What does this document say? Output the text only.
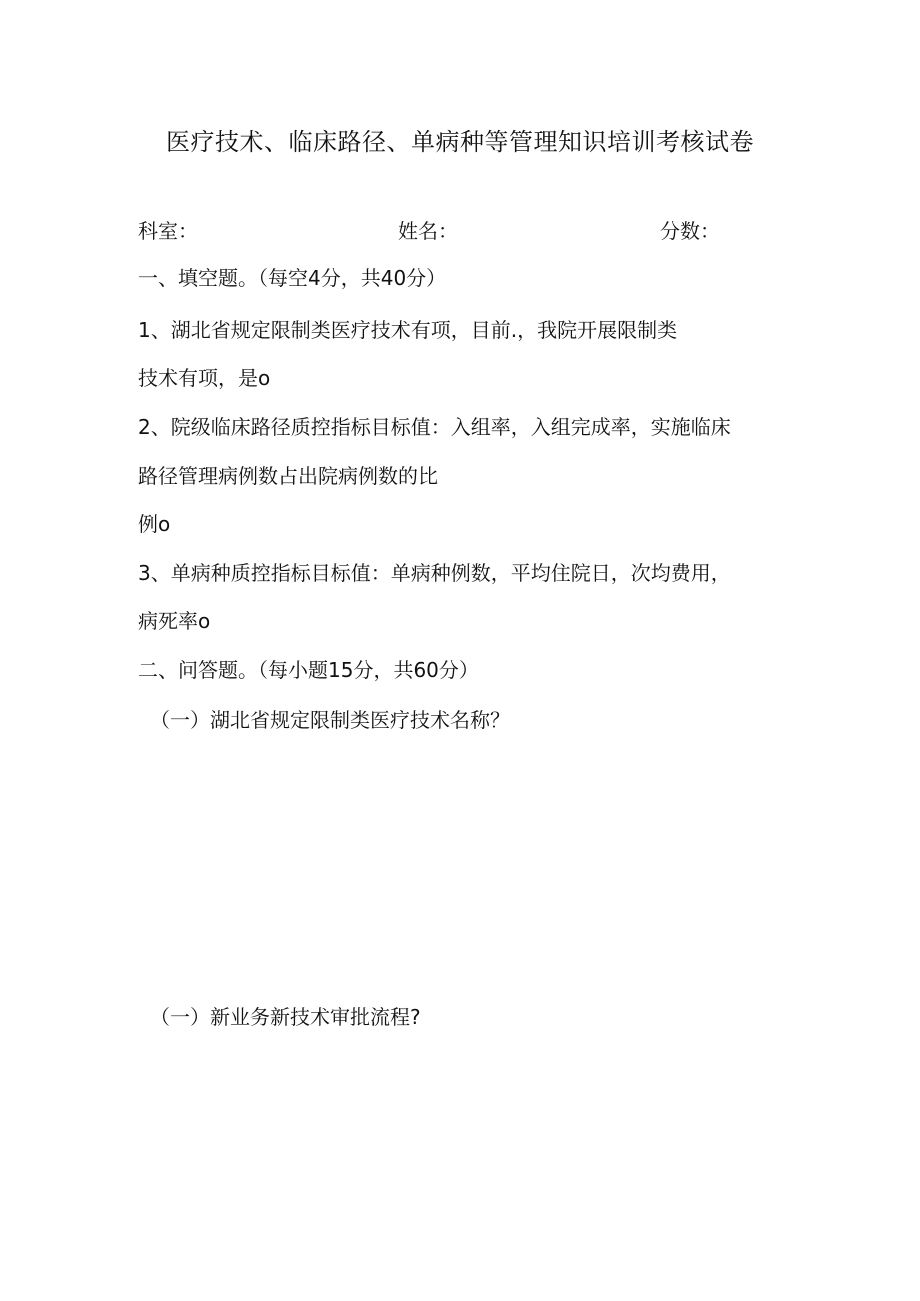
医疗技术、临床路径、单病种等管理知识培训考核试卷
科室：	姓名：	分数：
一、填空题。（每空4分，共40分）
1、湖北省规定限制类医疗技术有项，目前.，我院开展限制类
技术有项，是o
2、院级临床路径质控指标目标值：入组率，入组完成率，实施临床
路径管理病例数占出院病例数的比
例o
3、单病种质控指标目标值：单病种例数，平均住院日，次均费用，
病死率o
二、问答题。（每小题15分，共60分）
（一）湖北省规定限制类医疗技术名称？
（一）新业务新技术审批流程?
